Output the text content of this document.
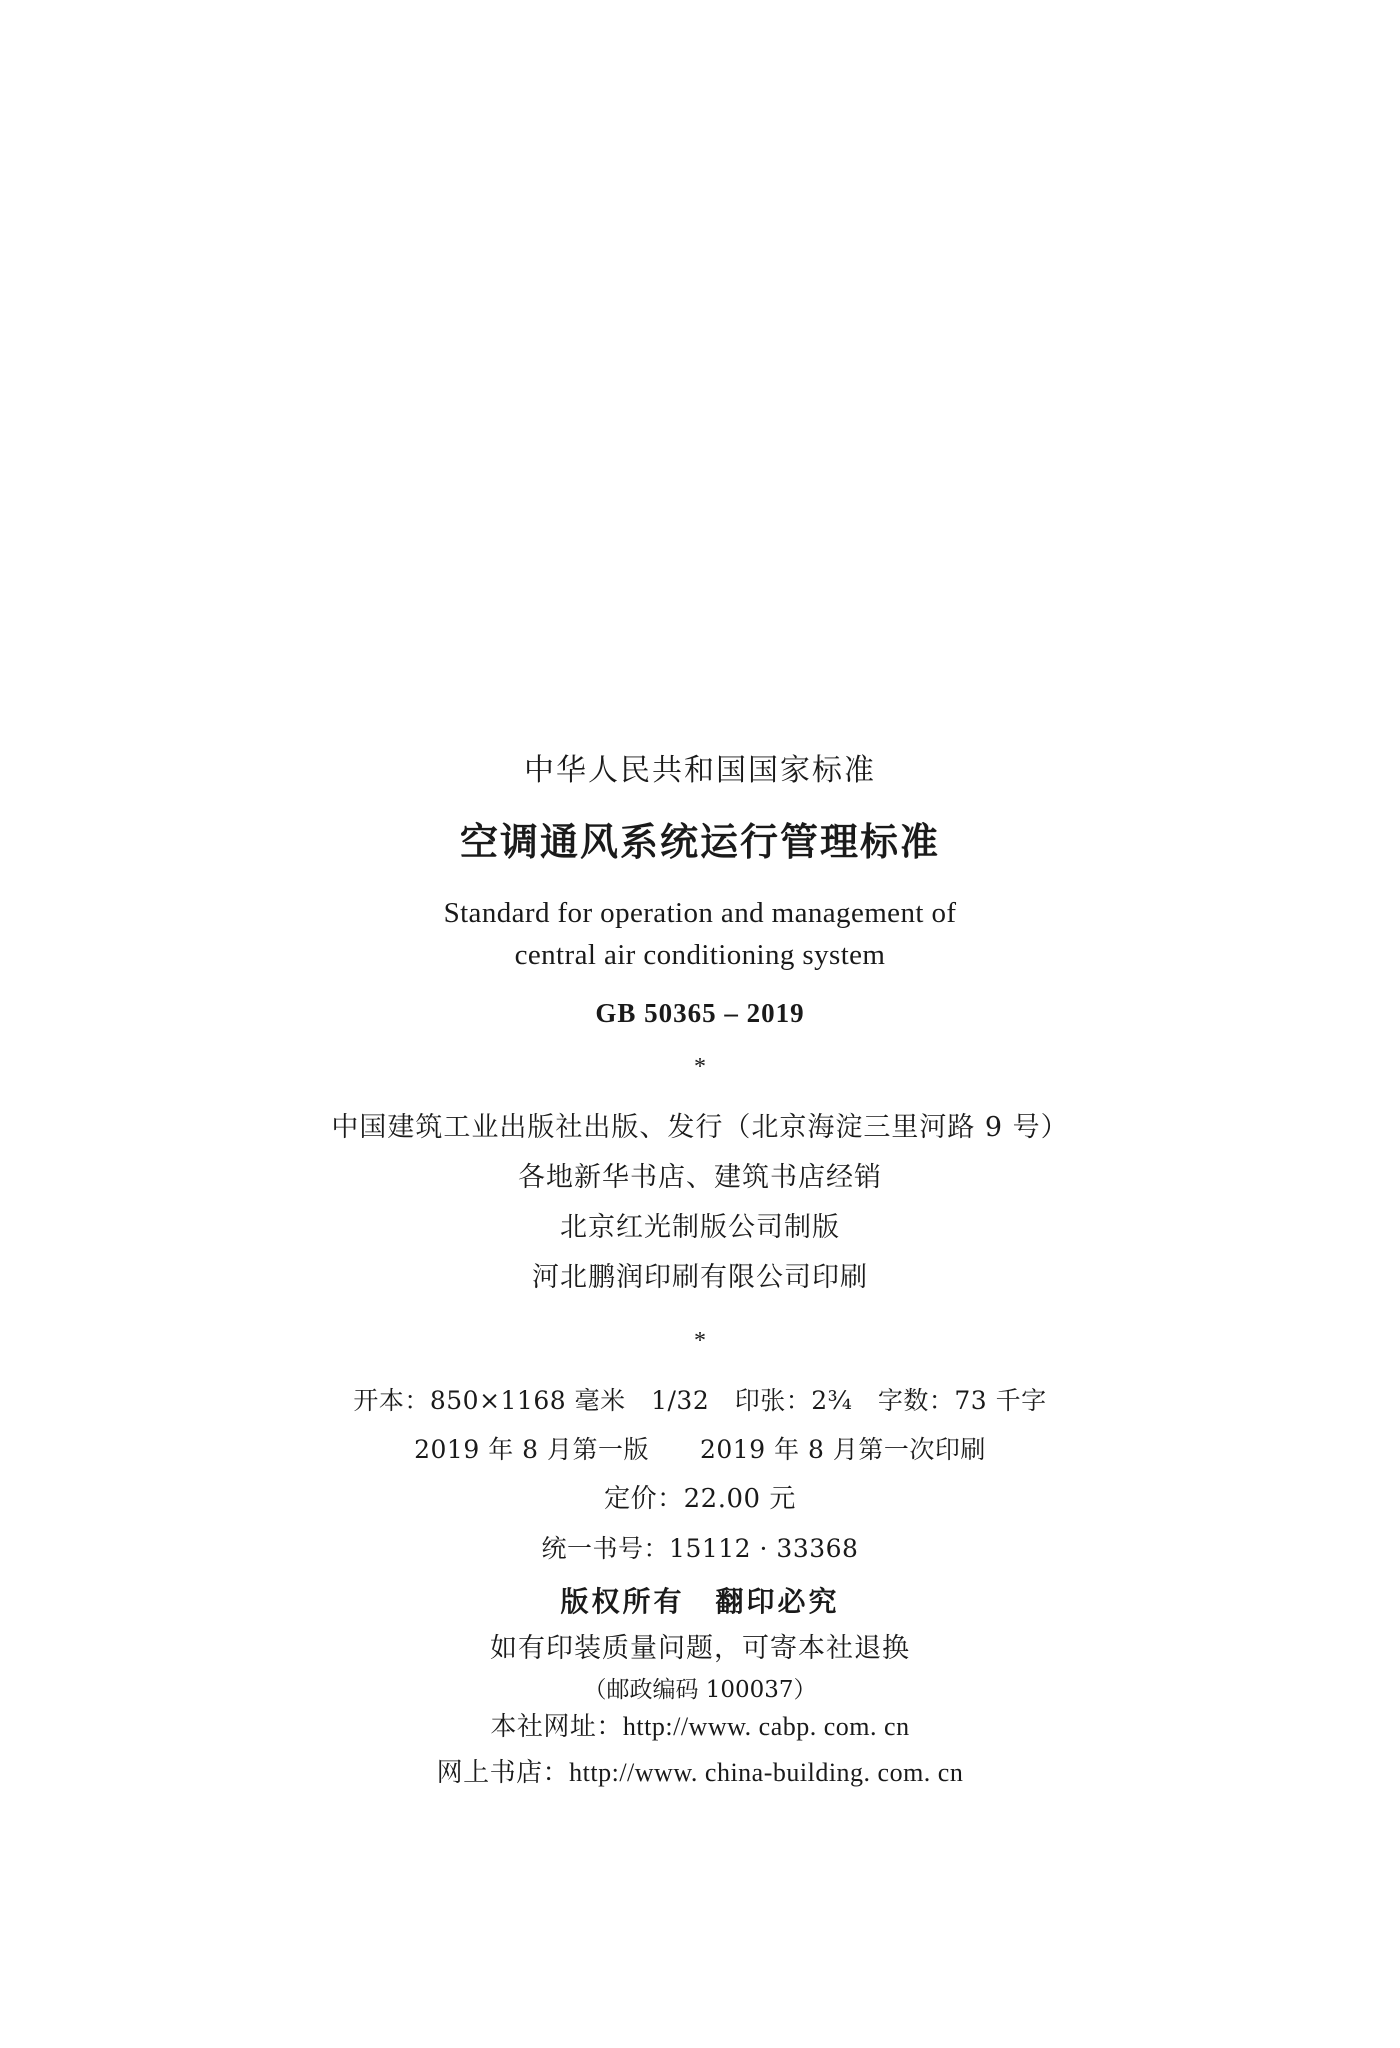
中华人民共和国国家标准
空调通风系统运行管理标准
Standard for operation and management of
central air conditioning system
GB 50365 – 2019
*
中国建筑工业出版社出版、发行（北京海淀三里河路 9 号）
各地新华书店、建筑书店经销
北京红光制版公司制版
河北鹏润印刷有限公司印刷
*
开本：850×1168 毫米　1/32　印张：2¾　字数：73 千字
2019 年 8 月第一版　　2019 年 8 月第一次印刷
定价：22.00 元
统一书号：15112 · 33368
版权所有　翻印必究
如有印装质量问题，可寄本社退换
（邮政编码 100037）
本社网址：http://www. cabp. com. cn
网上书店：http://www. china-building. com. cn
